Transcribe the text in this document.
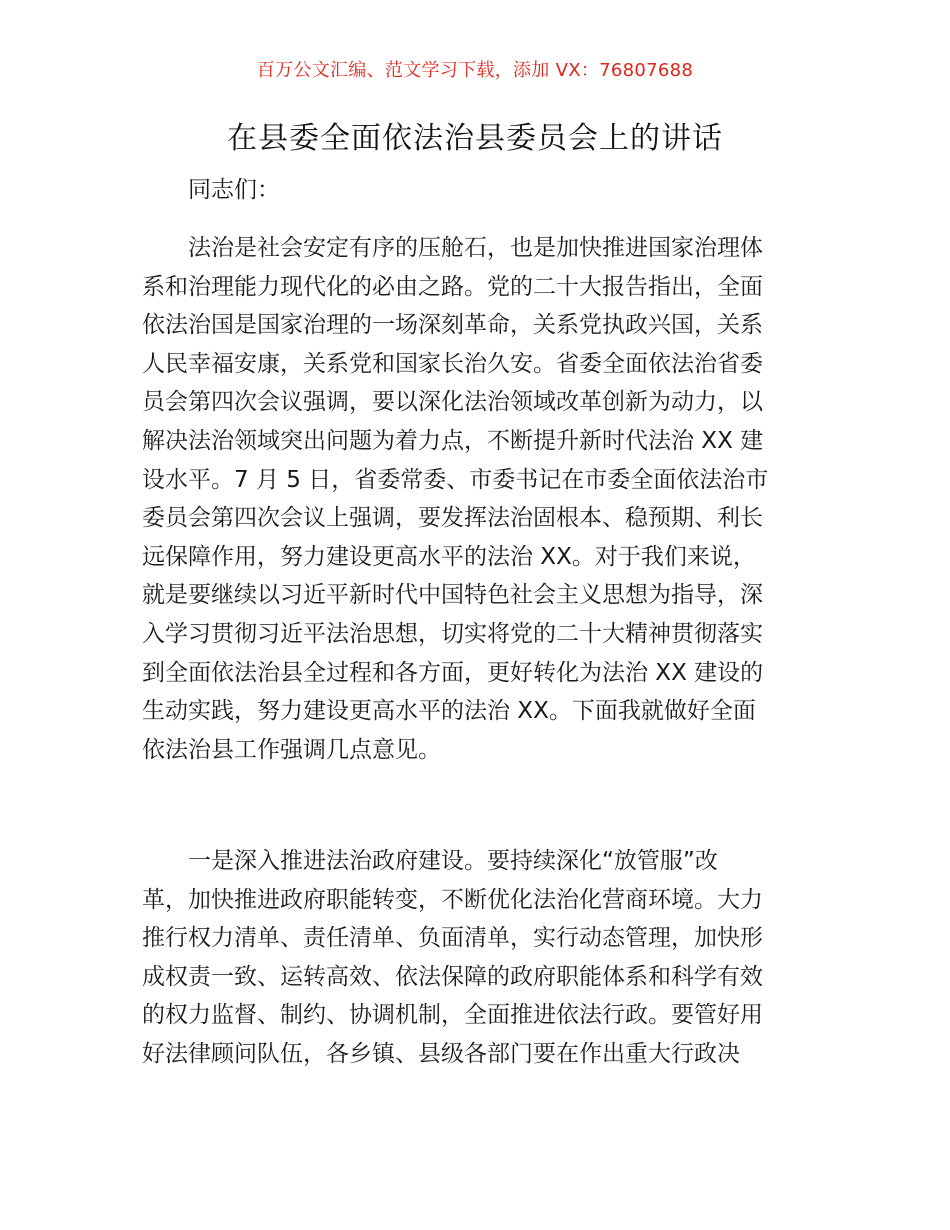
百万公文汇编、范文学习下载，添加 VX：76807688
在县委全面依法治县委员会上的讲话
同志们：
法治是社会安定有序的压舱石，也是加快推进国家治理体
系和治理能力现代化的必由之路。党的二十大报告指出，全面
依法治国是国家治理的一场深刻革命，关系党执政兴国，关系
人民幸福安康，关系党和国家长治久安。省委全面依法治省委
员会第四次会议强调，要以深化法治领域改革创新为动力，以
解决法治领域突出问题为着力点，不断提升新时代法治 XX 建
设水平。7 月 5 日，省委常委、市委书记在市委全面依法治市
委员会第四次会议上强调，要发挥法治固根本、稳预期、利长
远保障作用，努力建设更高水平的法治 XX。对于我们来说，
就是要继续以习近平新时代中国特色社会主义思想为指导，深
入学习贯彻习近平法治思想，切实将党的二十大精神贯彻落实
到全面依法治县全过程和各方面，更好转化为法治 XX 建设的
生动实践，努力建设更高水平的法治 XX。下面我就做好全面
依法治县工作强调几点意见。
一是深入推进法治政府建设。要持续深化“放管服”改
革，加快推进政府职能转变，不断优化法治化营商环境。大力
推行权力清单、责任清单、负面清单，实行动态管理，加快形
成权责一致、运转高效、依法保障的政府职能体系和科学有效
的权力监督、制约、协调机制，全面推进依法行政。要管好用
好法律顾问队伍，各乡镇、县级各部门要在作出重大行政决
